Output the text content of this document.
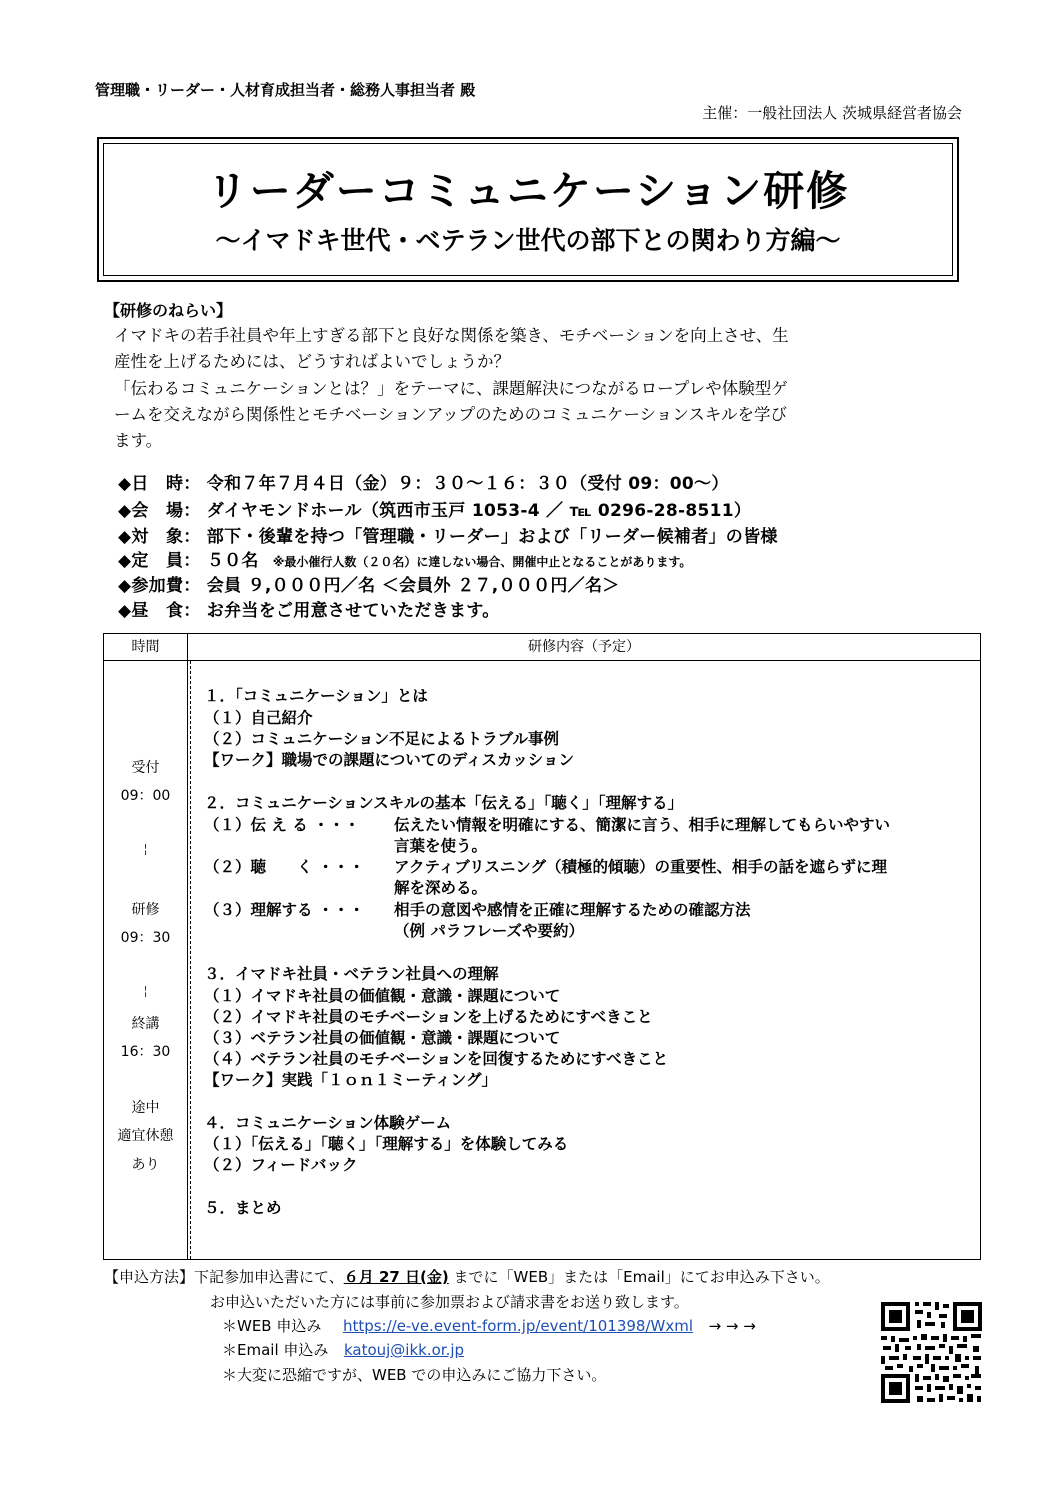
管理職・リーダー・人材育成担当者・総務人事担当者 殿
主催：一般社団法人 茨城県経営者協会
リーダーコミュニケーション研修
〜イマドキ世代・ベテラン世代の部下との関わり方編〜
【研修のねらい】
イマドキの若手社員や年上すぎる部下と良好な関係を築き、モチベーションを向上させ、生
産性を上げるためには、どうすればよいでしょうか？
「伝わるコミュニケーションとは？」をテーマに、課題解決につながるロープレや体験型ゲ
ームを交えながら関係性とモチベーションアップのためのコミュニケーションスキルを学び
ます。
◆日　時： 令和７年７月４日（金）９：３０〜１６：３０（受付 09：00〜）
◆会　場： ダイヤモンドホール（筑西市玉戸 1053-4 ／ ℡ 0296-28-8511）
◆対　象： 部下・後輩を持つ「管理職・リーダー」および「リーダー候補者」の皆様
◆定　員： ５０名 ※最小催行人数（２０名）に達しない場合、開催中止となることがあります。
◆参加費： 会員 ９,０００円／名 ＜会員外 ２７,０００円／名＞
◆昼　食： お弁当をご用意させていただきます。
時間	研修内容（予定）
受付
09：00
¦
研修
09：30
¦
終講
16：30
途中
適宜休憩
あり
１．「コミュニケーション」とは
（１）自己紹介
（２）コミュニケーション不足によるトラブル事例
【ワーク】職場での課題についてのディスカッション
２．コミュニケーションスキルの基本「伝える」「聴く」「理解する」
（１）伝 え る ・・・ 伝えたい情報を明確にする、簡潔に言う、相手に理解してもらいやすい
言葉を使う。
（２）聴　　く ・・・ アクティブリスニング（積極的傾聴）の重要性、相手の話を遮らずに理
解を深める。
（３）理解する ・・・ 相手の意図や感情を正確に理解するための確認方法
（例 パラフレーズや要約）
３．イマドキ社員・ベテラン社員への理解
（１）イマドキ社員の価値観・意識・課題について
（２）イマドキ社員のモチベーションを上げるためにすべきこと
（３）ベテラン社員の価値観・意識・課題について
（４）ベテラン社員のモチベーションを回復するためにすべきこと
【ワーク】実践「１ｏｎ１ミーティング」
４．コミュニケーション体験ゲーム
（１）「伝える」「聴く」「理解する」を体験してみる
（２）フィードバック
５．まとめ
【申込方法】下記参加申込書にて、６月 27 日(金) までに「WEB」または「Email」にてお申込み下さい。
お申込いただいた方には事前に参加票および請求書をお送り致します。
＊WEB 申込み https://e-ve.event-form.jp/event/101398/Wxml → → →
＊Email 申込み katouj@ikk.or.jp
＊大変に恐縮ですが、WEB での申込みにご協力下さい。
